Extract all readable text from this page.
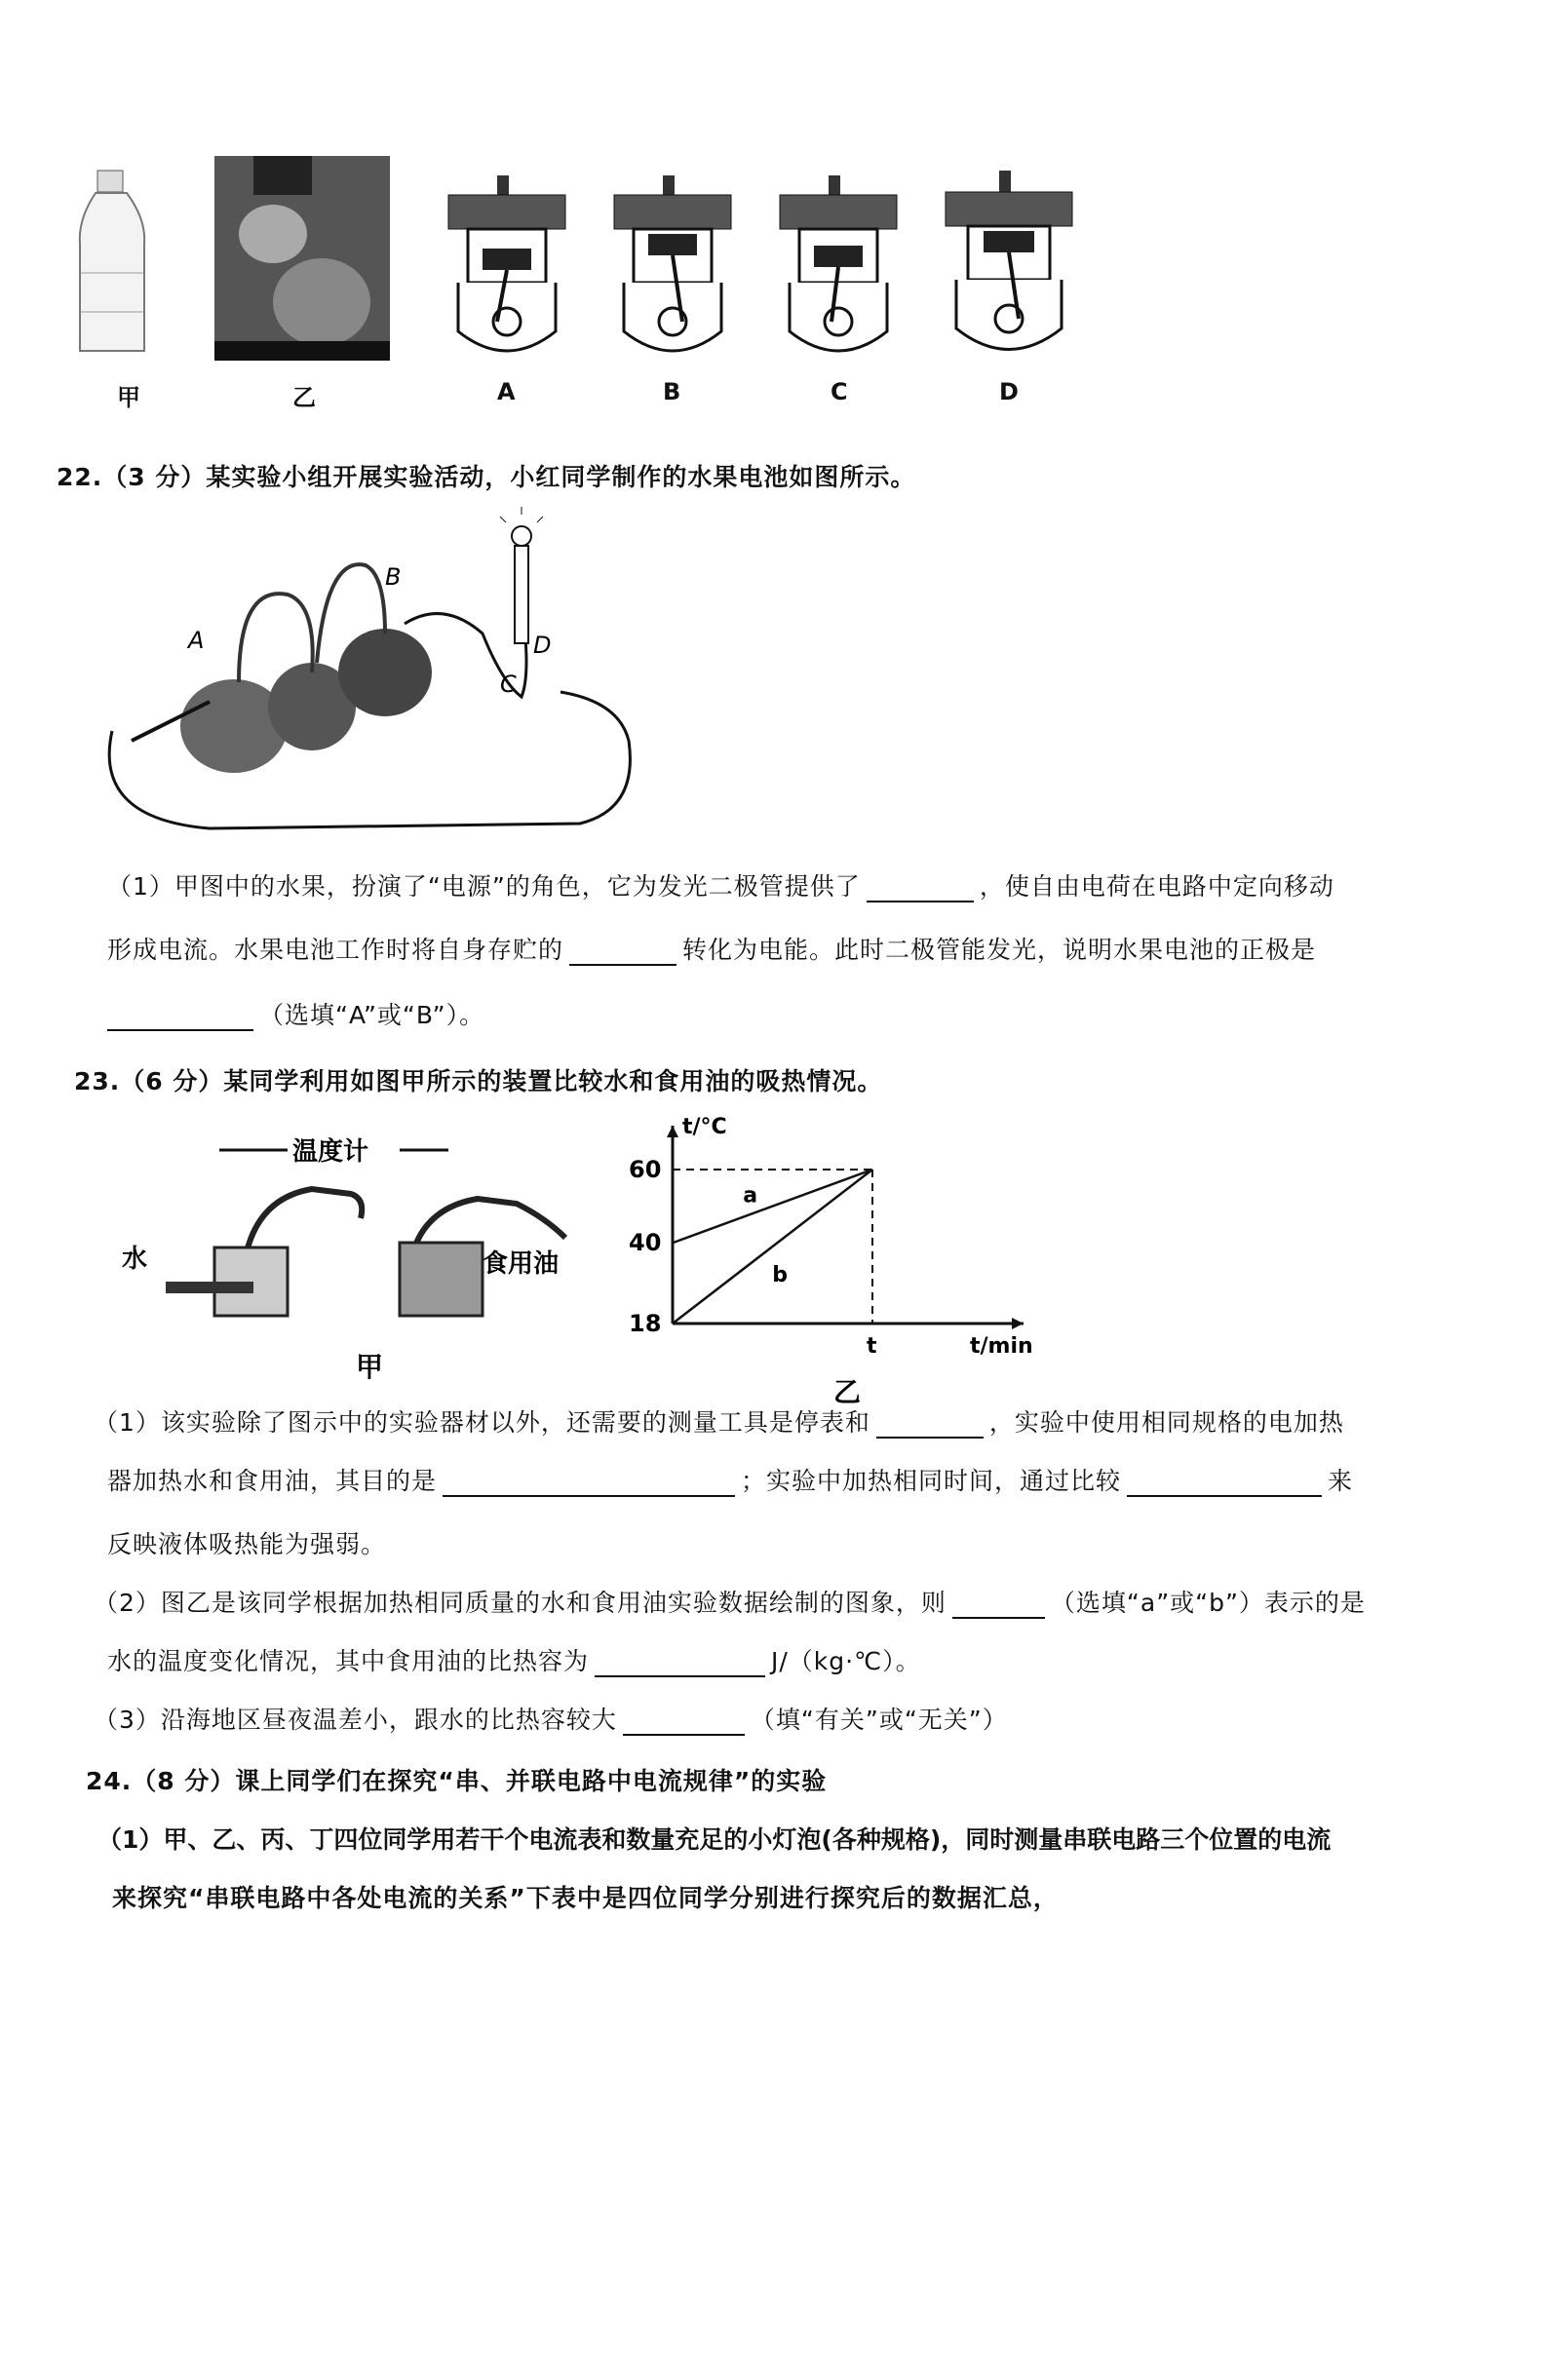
甲	乙	A	B	C	D
22.（3 分）某实验小组开展实验活动，小红同学制作的水果电池如图所示。
A
B
C
D
（1）甲图中的水果，扮演了“电源”的角色，它为发光二极管提供了	，使自由电荷在电路中定向移动
形成电流。水果电池工作时将自身存贮的	转化为电能。此时二极管能发光，说明水果电池的正极是
（选填“A”或“B”）。
23.（6 分）某同学利用如图甲所示的装置比较水和食用油的吸热情况。
温度计
水	食用油
甲
t/°C
t/min
18
40
60
t
a
b
乙
（1）该实验除了图示中的实验器材以外，还需要的测量工具是停表和	，实验中使用相同规格的电加热
器加热水和食用油，其目的是	；实验中加热相同时间，通过比较	来
反映液体吸热能为强弱。
（2）图乙是该同学根据加热相同质量的水和食用油实验数据绘制的图象，则	（选填“a”或“b”）表示的是
水的温度变化情况，其中食用油的比热容为	J/（kg·℃）。
（3）沿海地区昼夜温差小，跟水的比热容较大	（填“有关”或“无关”）
24.（8 分）课上同学们在探究“串、并联电路中电流规律”的实验
（1）甲、乙、丙、丁四位同学用若干个电流表和数量充足的小灯泡(各种规格)，同时测量串联电路三个位置的电流
来探究“串联电路中各处电流的关系”下表中是四位同学分别进行探究后的数据汇总，
